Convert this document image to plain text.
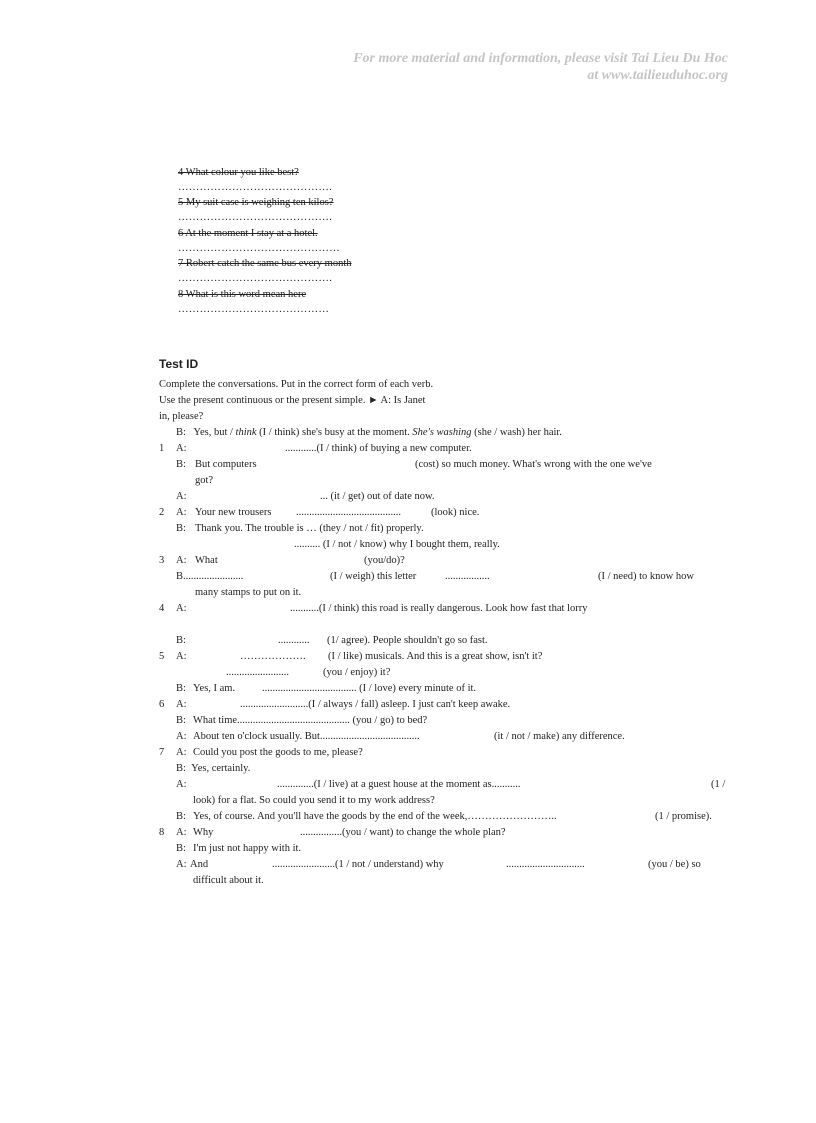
For more material and information, please visit Tai Lieu Du Hoc
at www.tailieuduhoc.org
4 What colour you like best?
…………………………………….
5 My suit case is weighing ten kilos?
…………………………………….
6 At the moment I stay at a hotel.
………………………………………
7 Robert catch the same bus every month
…………………………………….
8 What is this word mean here
……………………………………
Test ID
Complete the conversations. Put in the correct form of each verb.
Use the present continuous or the present simple. ► A: Is Janet
in, please?
B: Yes, but / think (I / think) she's busy at the moment. She's washing (she / wash) her hair.
1 A:	............(I / think) of buying a new computer.
B: But computers	(cost) so much money. What's wrong with the one we've
got?
A:	... (it / get) out of date now.
2 A: Your new trousers ........................................	(look) nice.
B: Thank you. The trouble is … (they / not / fit) properly.
.......... (I / not / know) why I bought them, really.
3 A: What	(you/do)?
B.......................	(I / weigh) this letter	.................	(I / need) to know how
many stamps to put on it.
4 A:	...........(I / think) this road is really dangerous. Look how fast that lorry
B:	............ (1/ agree). People shouldn't go so fast.
5 A:	………………. (I / like) musicals. And this is a great show, isn't it?
........................	(you / enjoy) it?
B: Yes, I am.	.................................... (I / love) every minute of it.
6 A:	..........................(I / always / fall) asleep. I just can't keep awake.
B: What time........................................... (you / go) to bed?
A: About ten o'clock usually. But......................................	(it / not / make) any difference.
7 A: Could you post the goods to me, please?
B: Yes, certainly.
A:	..............(I / live) at a guest house at the moment as...........	(1 /
look) for a flat. So could you send it to my work address?
B: Yes, of course. And you'll have the goods by the end of the week,……………………..	(1 / promise).
8 A: Why	................(you / want) to change the whole plan?
B: I'm just not happy with it.
A: And	........................(1 / not / understand) why	..............................	(you / be) so
difficult about it.
